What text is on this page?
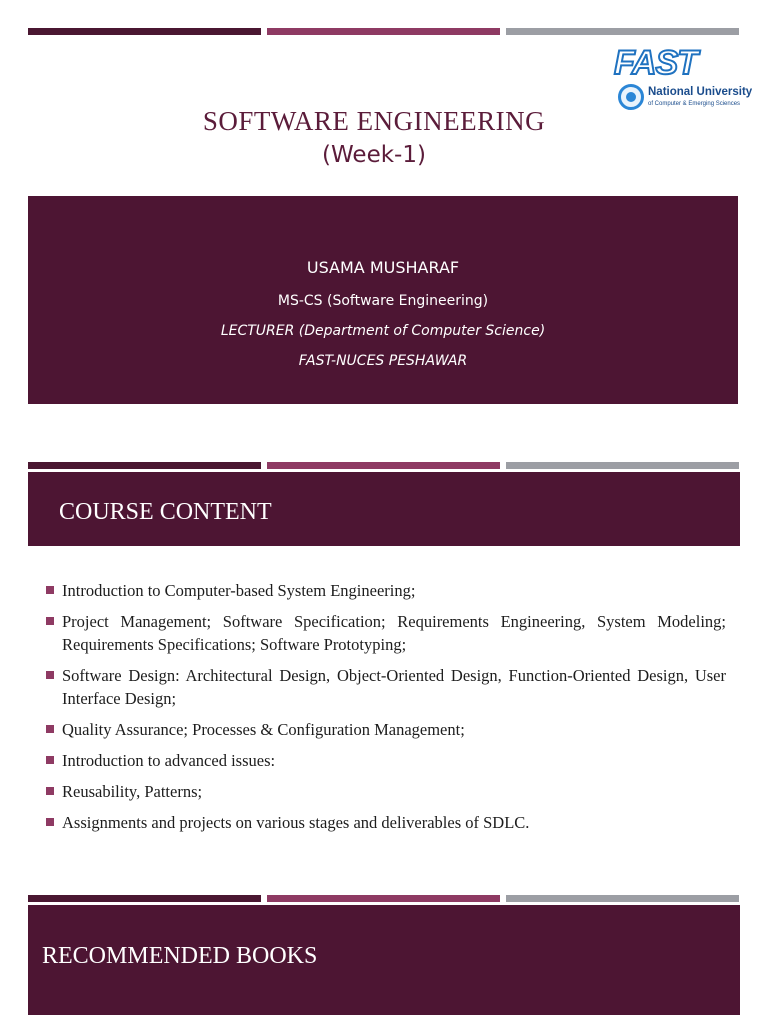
FAST
National University
of Computer & Emerging Sciences
SOFTWARE ENGINEERING
(Week-1)
USAMA MUSHARAF
MS-CS (Software Engineering)
LECTURER (Department of Computer Science)
FAST-NUCES PESHAWAR
COURSE CONTENT
Introduction to Computer-based System Engineering;
Project Management; Software Specification; Requirements Engineering, System Modeling; Requirements Specifications; Software Prototyping;
Software Design: Architectural Design, Object-Oriented Design, Function-Oriented Design, User Interface Design;
Quality Assurance; Processes & Configuration Management;
Introduction to advanced issues:
Reusability, Patterns;
Assignments and projects on various stages and deliverables of SDLC.
RECOMMENDED BOOKS
